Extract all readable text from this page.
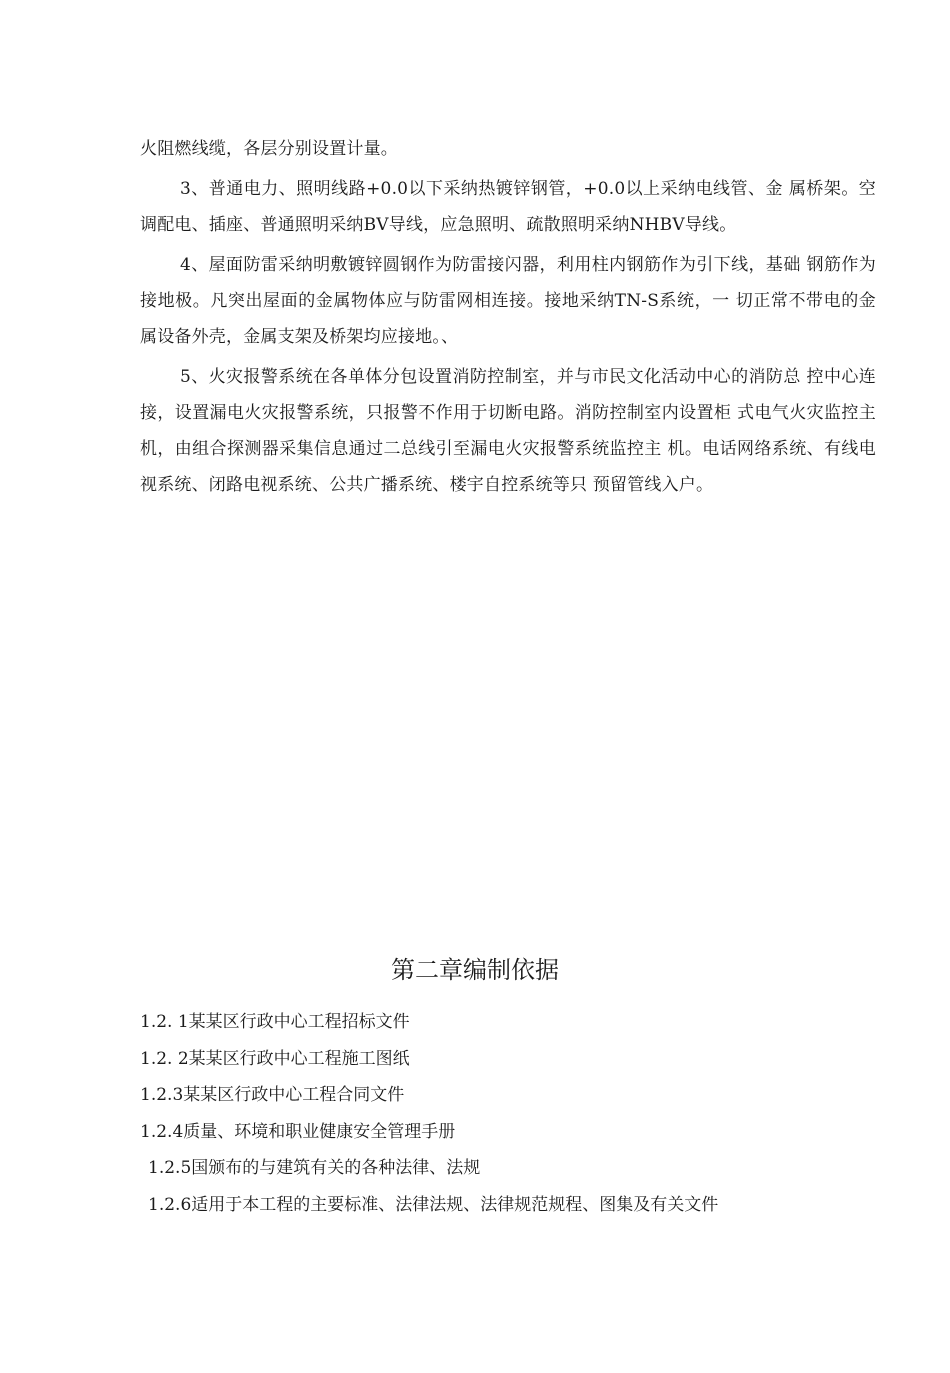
火阻燃线缆，各层分别设置计量。

3、普通电力、照明线路+0.0以下采纳热镀锌钢管，+0.0以上采纳电线管、金 属桥架。空调配电、插座、普通照明采纳BV导线，应急照明、疏散照明采纳NHBV导线。

4、屋面防雷采纳明敷镀锌圆钢作为防雷接闪器，利用柱内钢筋作为引下线，基础 钢筋作为接地极。凡突出屋面的金属物体应与防雷网相连接。接地采纳TN-S系统，一 切正常不带电的金属设备外壳，金属支架及桥架均应接地。、

5、火灾报警系统在各单体分包设置消防控制室，并与市民文化活动中心的消防总 控中心连接，设置漏电火灾报警系统，只报警不作用于切断电路。消防控制室内设置柜 式电气火灾监控主机，由组合探测器采集信息通过二总线引至漏电火灾报警系统监控主 机。电话网络系统、有线电视系统、闭路电视系统、公共广播系统、楼宇自控系统等只 预留管线入户。

第二章编制依据
1.2. 1某某区行政中心工程招标文件
1.2. 2某某区行政中心工程施工图纸
1.2.3某某区行政中心工程合同文件
1.2.4质量、环境和职业健康安全管理手册
1.2.5国颁布的与建筑有关的各种法律、法规
1.2.6适用于本工程的主要标准、法律法规、法律规范规程、图集及有关文件
